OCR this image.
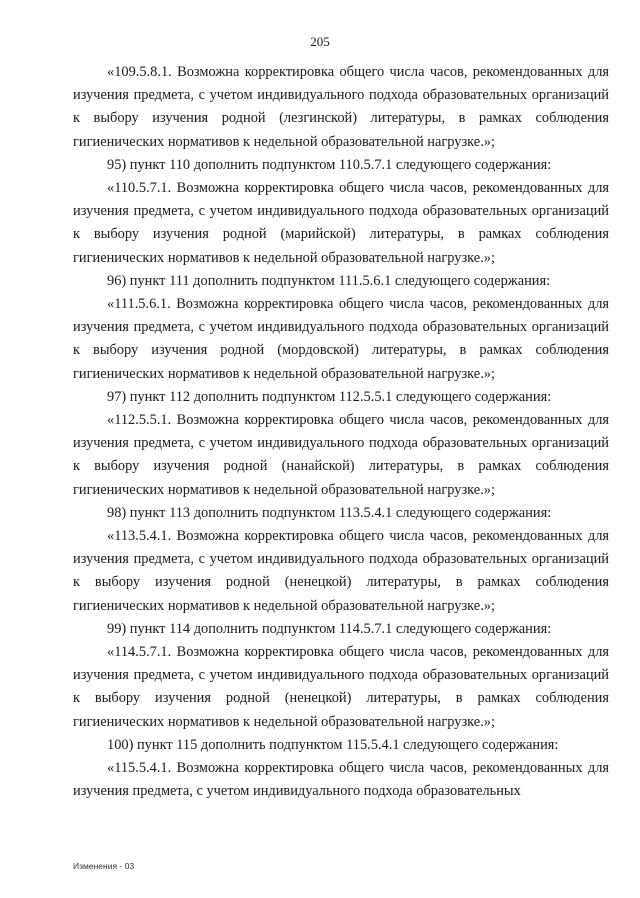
205

«109.5.8.1. Возможна корректировка общего числа часов, рекомендованных для изучения предмета, с учетом индивидуального подхода образовательных организаций к выбору изучения родной (лезгинской) литературы, в рамках соблюдения гигиенических нормативов к недельной образовательной нагрузке.»;

95) пункт 110 дополнить подпунктом 110.5.7.1 следующего содержания:

«110.5.7.1. Возможна корректировка общего числа часов, рекомендованных для изучения предмета, с учетом индивидуального подхода образовательных организаций к выбору изучения родной (марийской) литературы, в рамках соблюдения гигиенических нормативов к недельной образовательной нагрузке.»;

96) пункт 111 дополнить подпунктом 111.5.6.1 следующего содержания:

«111.5.6.1. Возможна корректировка общего числа часов, рекомендованных для изучения предмета, с учетом индивидуального подхода образовательных организаций к выбору изучения родной (мордовской) литературы, в рамках соблюдения гигиенических нормативов к недельной образовательной нагрузке.»;

97) пункт 112 дополнить подпунктом 112.5.5.1 следующего содержания:

«112.5.5.1. Возможна корректировка общего числа часов, рекомендованных для изучения предмета, с учетом индивидуального подхода образовательных организаций к выбору изучения родной (нанайской) литературы, в рамках соблюдения гигиенических нормативов к недельной образовательной нагрузке.»;

98) пункт 113 дополнить подпунктом 113.5.4.1 следующего содержания:

«113.5.4.1. Возможна корректировка общего числа часов, рекомендованных для изучения предмета, с учетом индивидуального подхода образовательных организаций к выбору изучения родной (ненецкой) литературы, в рамках соблюдения гигиенических нормативов к недельной образовательной нагрузке.»;

99) пункт 114 дополнить подпунктом 114.5.7.1 следующего содержания:

«114.5.7.1. Возможна корректировка общего числа часов, рекомендованных для изучения предмета, с учетом индивидуального подхода образовательных организаций к выбору изучения родной (ненецкой) литературы, в рамках соблюдения гигиенических нормативов к недельной образовательной нагрузке.»;

100) пункт 115 дополнить подпунктом 115.5.4.1 следующего содержания:

«115.5.4.1. Возможна корректировка общего числа часов, рекомендованных для изучения предмета, с учетом индивидуального подхода образовательных

Изменения - 03
